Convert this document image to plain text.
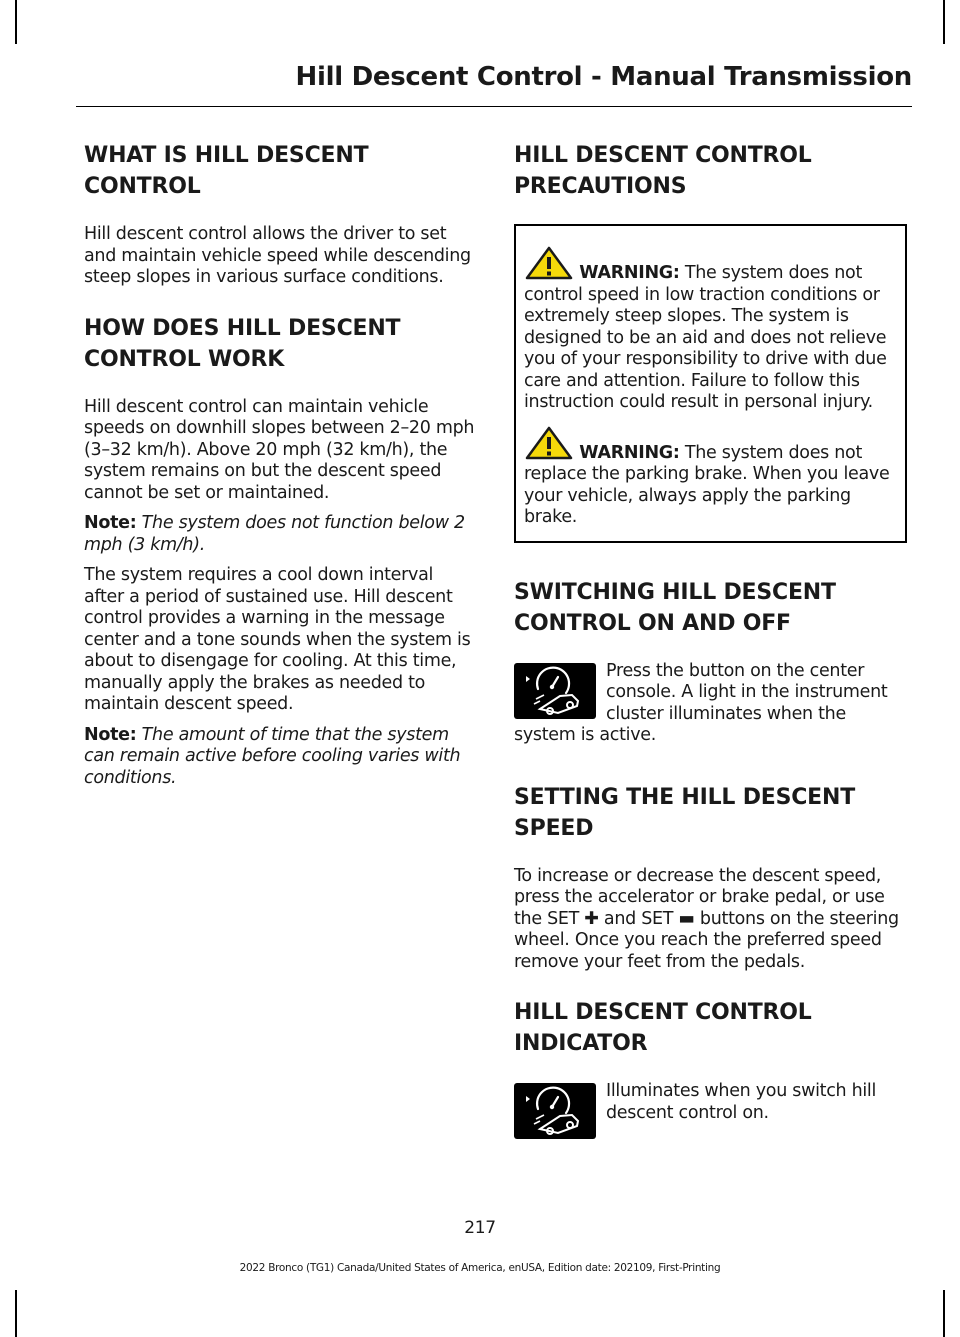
Hill Descent Control - Manual Transmission
WHAT IS HILL DESCENT CONTROL

Hill descent control allows the driver to set and maintain vehicle speed while descending steep slopes in various surface conditions.

HOW DOES HILL DESCENT CONTROL WORK

Hill descent control can maintain vehicle speeds on downhill slopes between 2–20 mph (3–32 km/h). Above 20 mph (32 km/h), the system remains on but the descent speed cannot be set or maintained.

Note: The system does not function below 2 mph (3 km/h).

The system requires a cool down interval after a period of sustained use. Hill descent control provides a warning in the message center and a tone sounds when the system is about to disengage for cooling. At this time, manually apply the brakes as needed to maintain descent speed.

Note: The amount of time that the system can remain active before cooling varies with conditions.

HILL DESCENT CONTROL PRECAUTIONS

WARNING: The system does not control speed in low traction conditions or extremely steep slopes. The system is designed to be an aid and does not relieve you of your responsibility to drive with due care and attention. Failure to follow this instruction could result in personal injury.

WARNING: The system does not replace the parking brake. When you leave your vehicle, always apply the parking brake.

SWITCHING HILL DESCENT CONTROL ON AND OFF

Press the button on the center console. A light in the instrument cluster illuminates when the system is active.

SETTING THE HILL DESCENT SPEED

To increase or decrease the descent speed, press the accelerator or brake pedal, or use the SET ✚ and SET ▬ buttons on the steering wheel. Once you reach the preferred speed remove your feet from the pedals.

HILL DESCENT CONTROL INDICATOR

Illuminates when you switch hill descent control on.

217

2022 Bronco (TG1) Canada/United States of America, enUSA, Edition date: 202109, First-Printing
